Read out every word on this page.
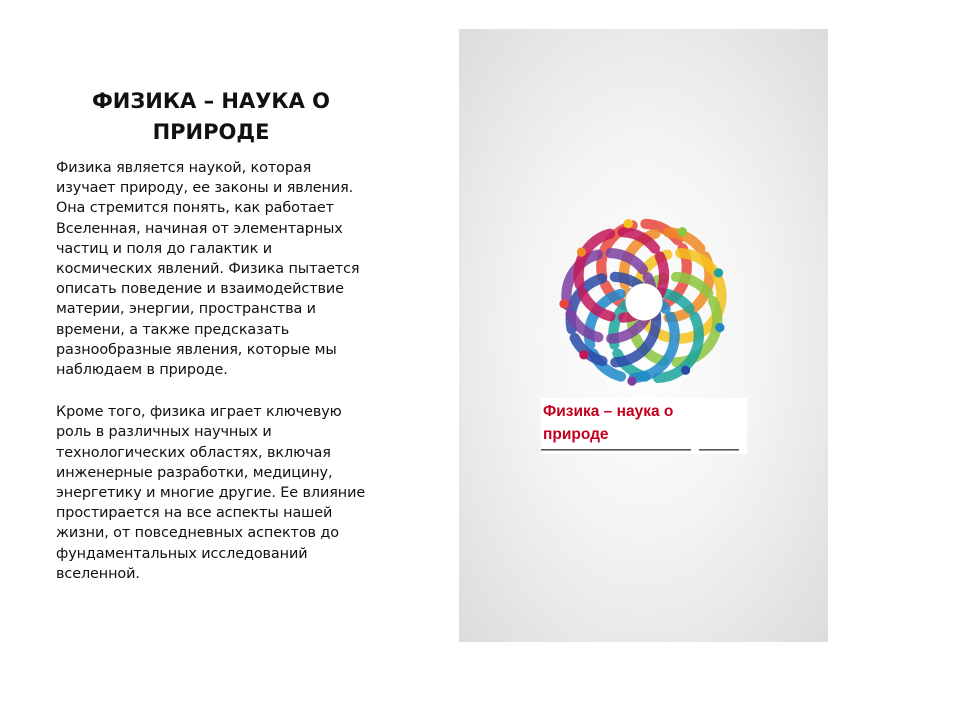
ФИЗИКА – НАУКА О ПРИРОДЕ

Физика является наукой, которая изучает природу, ее законы и явления. Она стремится понять, как работает Вселенная, начиная от элементарных частиц и поля до галактик и космических явлений. Физика пытается описать поведение и взаимодействие материи, энергии, пространства и времени, а также предсказать разнообразные явления, которые мы наблюдаем в природе.

Кроме того, физика играет ключевую роль в различных научных и технологических областях, включая инженерные разработки, медицину, энергетику и многие другие. Ее влияние простирается на все аспекты нашей жизни, от повседневных аспектов до фундаментальных исследований вселенной.

Физика – наука о природе
